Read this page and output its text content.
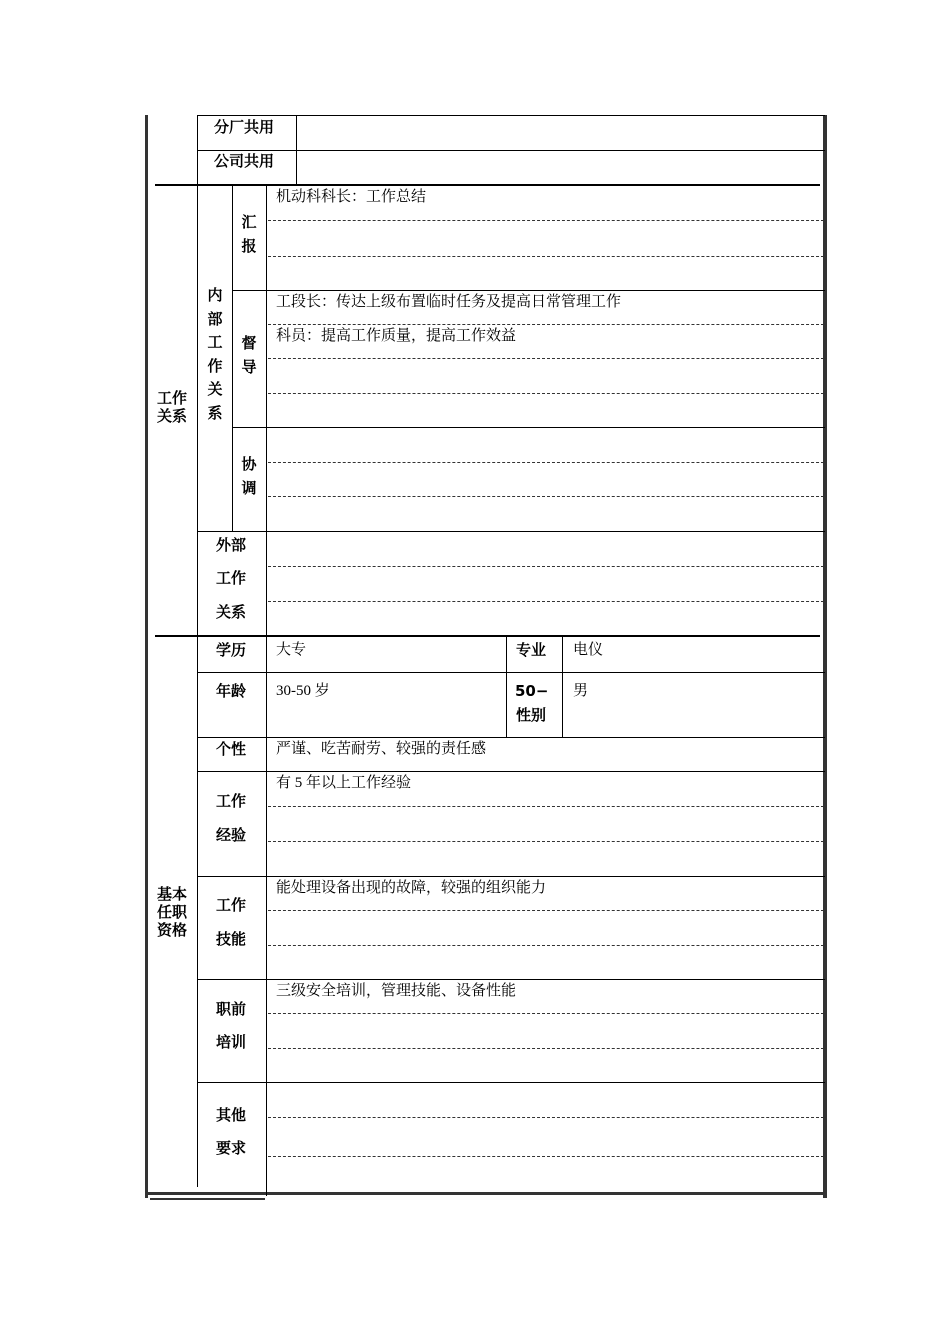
分厂共用
公司共用
工作
关系
内部工作关系
汇报
机动科科长：工作总结
督导
工段长：传达上级布置临时任务及提高日常管理工作
科员：提高工作质量，提高工作效益
协调
外部
工作
关系
基本
任职
资格
学历 大专	专业 电仪
年龄 30-50 岁	50−
性别
男
个性 严谨、吃苦耐劳、较强的责任感
工作
经验
有 5 年以上工作经验
工作
技能
能处理设备出现的故障，较强的组织能力
职前
培训
三级安全培训，管理技能、设备性能
其他
要求
